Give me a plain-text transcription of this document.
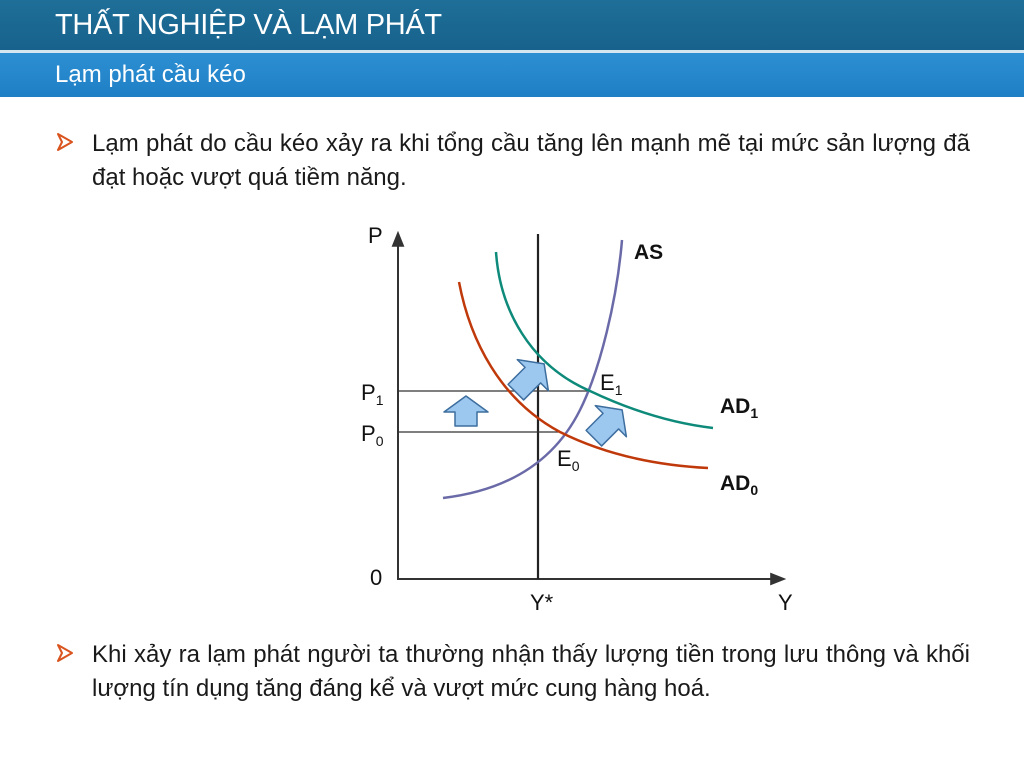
THẤT NGHIỆP VÀ LẠM PHÁT
Lạm phát cầu kéo
Lạm phát do cầu kéo xảy ra khi tổng cầu tăng lên mạnh mẽ tại mức sản lượng đã đạt hoặc vượt quá tiềm năng.
P
Y
0
Y*
$P_1$
$P_0$
$E_1$
$E_0$
AS
$AD_1$
$AD_0$
Khi xảy ra lạm phát người ta thường nhận thấy lượng tiền trong lưu thông và khối lượng tín dụng tăng đáng kể và vượt mức cung hàng hoá.
